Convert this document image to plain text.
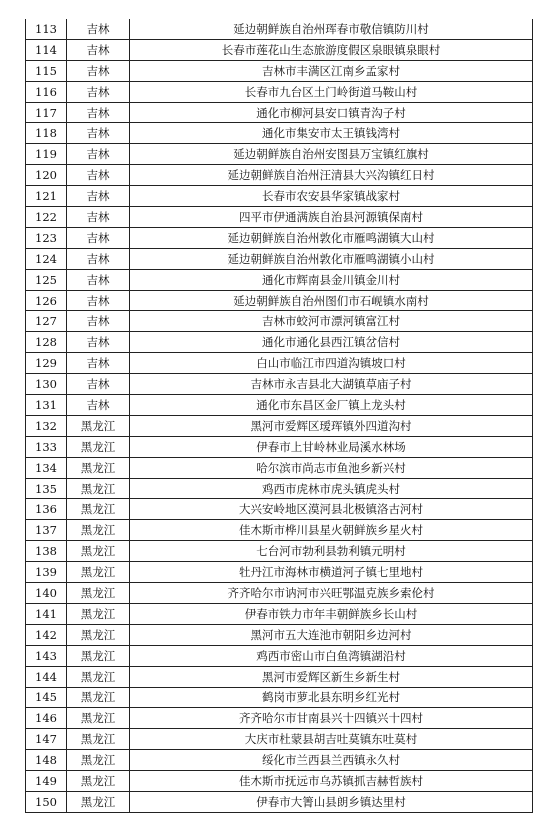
113	吉林	延边朝鲜族自治州珲春市敬信镇防川村
114	吉林	长春市莲花山生态旅游度假区泉眼镇泉眼村
115	吉林	吉林市丰满区江南乡孟家村
116	吉林	长春市九台区土门岭街道马鞍山村
117	吉林	通化市柳河县安口镇青沟子村
118	吉林	通化市集安市太王镇钱湾村
119	吉林	延边朝鲜族自治州安图县万宝镇红旗村
120	吉林	延边朝鲜族自治州汪清县大兴沟镇红日村
121	吉林	长春市农安县华家镇战家村
122	吉林	四平市伊通满族自治县河源镇保南村
123	吉林	延边朝鲜族自治州敦化市雁鸣湖镇大山村
124	吉林	延边朝鲜族自治州敦化市雁鸣湖镇小山村
125	吉林	通化市辉南县金川镇金川村
126	吉林	延边朝鲜族自治州图们市石岘镇水南村
127	吉林	吉林市蛟河市漂河镇富江村
128	吉林	通化市通化县西江镇岔信村
129	吉林	白山市临江市四道沟镇坡口村
130	吉林	吉林市永吉县北大湖镇草庙子村
131	吉林	通化市东昌区金厂镇上龙头村
132	黑龙江	黑河市爱辉区瑷珲镇外四道沟村
133	黑龙江	伊春市上甘岭林业局溪水林场
134	黑龙江	哈尔滨市尚志市鱼池乡新兴村
135	黑龙江	鸡西市虎林市虎头镇虎头村
136	黑龙江	大兴安岭地区漠河县北极镇洛古河村
137	黑龙江	佳木斯市桦川县星火朝鲜族乡星火村
138	黑龙江	七台河市勃利县勃利镇元明村
139	黑龙江	牡丹江市海林市横道河子镇七里地村
140	黑龙江	齐齐哈尔市讷河市兴旺鄂温克族乡索伦村
141	黑龙江	伊春市铁力市年丰朝鲜族乡长山村
142	黑龙江	黑河市五大连池市朝阳乡边河村
143	黑龙江	鸡西市密山市白鱼湾镇湖沿村
144	黑龙江	黑河市爱辉区新生乡新生村
145	黑龙江	鹤岗市萝北县东明乡红光村
146	黑龙江	齐齐哈尔市甘南县兴十四镇兴十四村
147	黑龙江	大庆市杜蒙县胡吉吐莫镇东吐莫村
148	黑龙江	绥化市兰西县兰西镇永久村
149	黑龙江	佳木斯市抚远市乌苏镇抓吉赫哲族村
150	黑龙江	伊春市大箐山县朗乡镇达里村
